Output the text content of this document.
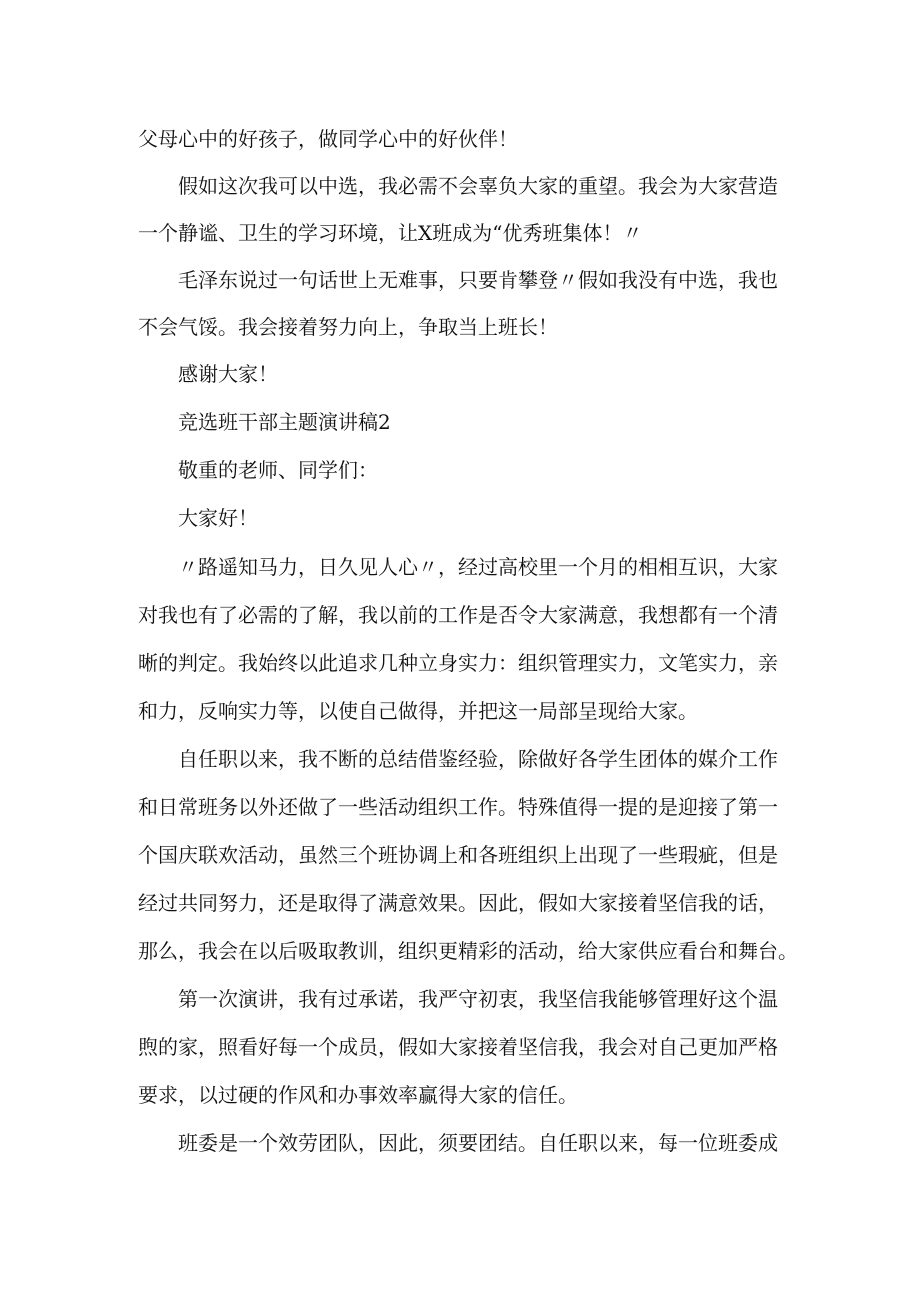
父母心中的好孩子，做同学心中的好伙伴！
假如这次我可以中选，我必需不会辜负大家的重望。我会为大家营造
一个静谧、卫生的学习环境，让X班成为“优秀班集体！〃
毛泽东说过一句话世上无难事，只要肯攀登〃假如我没有中选，我也
不会气馁。我会接着努力向上，争取当上班长！
感谢大家！
竞选班干部主题演讲稿2
敬重的老师、同学们：
大家好！
〃路遥知马力，日久见人心〃，经过高校里一个月的相相互识，大家
对我也有了必需的了解，我以前的工作是否令大家满意，我想都有一个清
晰的判定。我始终以此追求几种立身实力：组织管理实力，文笔实力，亲
和力，反响实力等，以使自己做得，并把这一局部呈现给大家。
自任职以来，我不断的总结借鉴经验，除做好各学生团体的媒介工作
和日常班务以外还做了一些活动组织工作。特殊值得一提的是迎接了第一
个国庆联欢活动，虽然三个班协调上和各班组织上出现了一些瑕疵，但是
经过共同努力，还是取得了满意效果。因此，假如大家接着坚信我的话，
那么，我会在以后吸取教训，组织更精彩的活动，给大家供应看台和舞台。
第一次演讲，我有过承诺，我严守初衷，我坚信我能够管理好这个温
煦的家，照看好每一个成员，假如大家接着坚信我，我会对自己更加严格
要求，以过硬的作风和办事效率赢得大家的信任。
班委是一个效劳团队，因此，须要团结。自任职以来，每一位班委成
